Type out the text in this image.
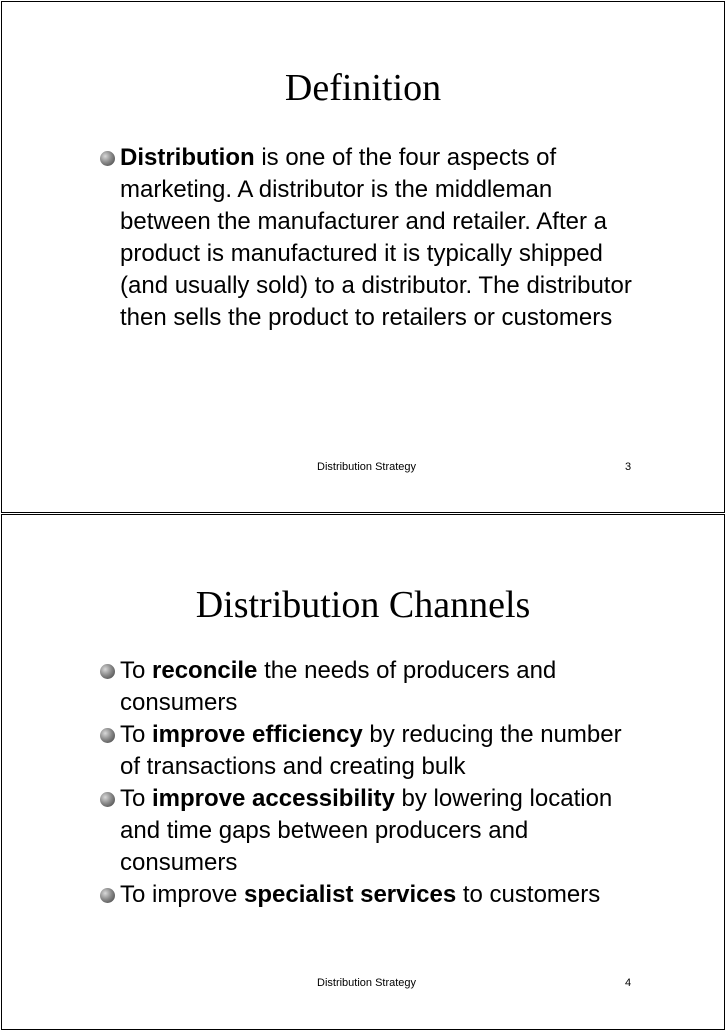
Definition
Distribution is one of the four aspects of marketing. A distributor is the middleman between the manufacturer and retailer. After a product is manufactured it is typically shipped (and usually sold) to a distributor. The distributor then sells the product to retailers or customers
Distribution Strategy	3
Distribution Channels
To reconcile the needs of producers and consumers
To improve efficiency by reducing the number of transactions and creating bulk
To improve accessibility by lowering location and time gaps between producers and consumers
To improve specialist services to customers
Distribution Strategy	4
